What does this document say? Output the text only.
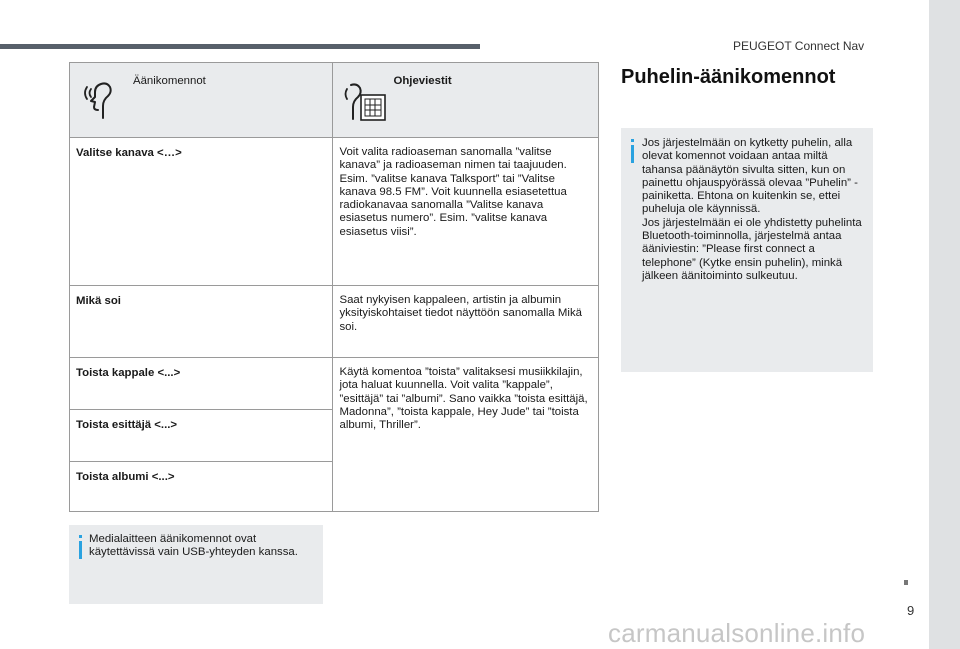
PEUGEOT Connect Nav
Äänikomennot	Ohjeviestit

Valitse kanava <…>	Voit valita radioaseman sanomalla ”valitse kanava” ja radioaseman nimen tai taajuuden. Esim. ”valitse kanava Talksport” tai ”Valitse kanava 98.5 FM”. Voit kuunnella esiasetettua radiokanavaa sanomalla ”Valitse kanava esiasetus numero”. Esim. ”valitse kanava esiasetus viisi”.

Mikä soi	Saat nykyisen kappaleen, artistin ja albumin yksityiskohtaiset tiedot näyttöön sanomalla Mikä soi.

Toista kappale <...>	Käytä komentoa ”toista” valitaksesi musiikkilajin, jota haluat kuunnella. Voit valita ”kappale”, ”esittäjä” tai ”albumi”. Sano vaikka ”toista esittäjä, Madonna”, ”toista kappale, Hey Jude” tai ”toista albumi, Thriller”.

Toista esittäjä <...>	

Toista albumi <...>	

Medialaitteen äänikomennot ovat käytettävissä vain USB-yhteyden kanssa.

Puhelin-äänikomennot

Jos järjestelmään on kytketty puhelin, alla olevat komennot voidaan antaa miltä tahansa päänäytön sivulta sitten, kun on painettu ohjauspyörässä olevaa ”Puhelin” -painiketta. Ehtona on kuitenkin se, ettei puheluja ole käynnissä.
Jos järjestelmään ei ole yhdistetty puhelinta Bluetooth-toiminnolla, järjestelmä antaa ääniviestin: ”Please first connect a telephone” (Kytke ensin puhelin), minkä jälkeen äänitoiminto sulkeutuu.

9
carmanualsonline.info
